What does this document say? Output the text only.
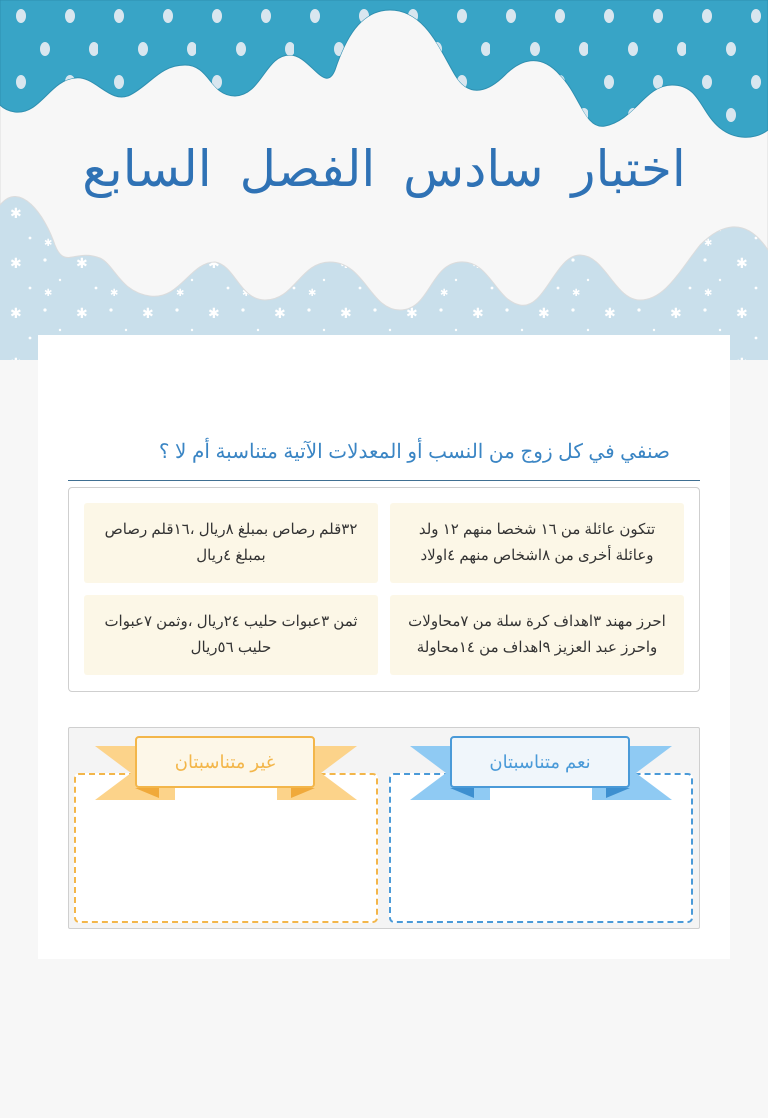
اختبار سادس الفصل السابع
صنفي في كل زوج من النسب أو المعدلات الآتية متناسبة أم لا ؟
تتكون عائلة من ١٦ شخصا منهم ١٢ ولد وعائلة أخرى من ٨اشخاص منهم ٤اولاد
٣٢قلم رصاص بمبلغ ٨ريال ،١٦قلم رصاص بمبلغ ٤ريال
احرز مهند ٣اهداف كرة سلة من ٧محاولات واحرز عبد العزيز ٩اهداف من ١٤محاولة
ثمن ٣عبوات حليب ٢٤ريال ،وثمن ٧عبوات حليب ٥٦ريال
نعم متناسبتان
غير متناسبتان
